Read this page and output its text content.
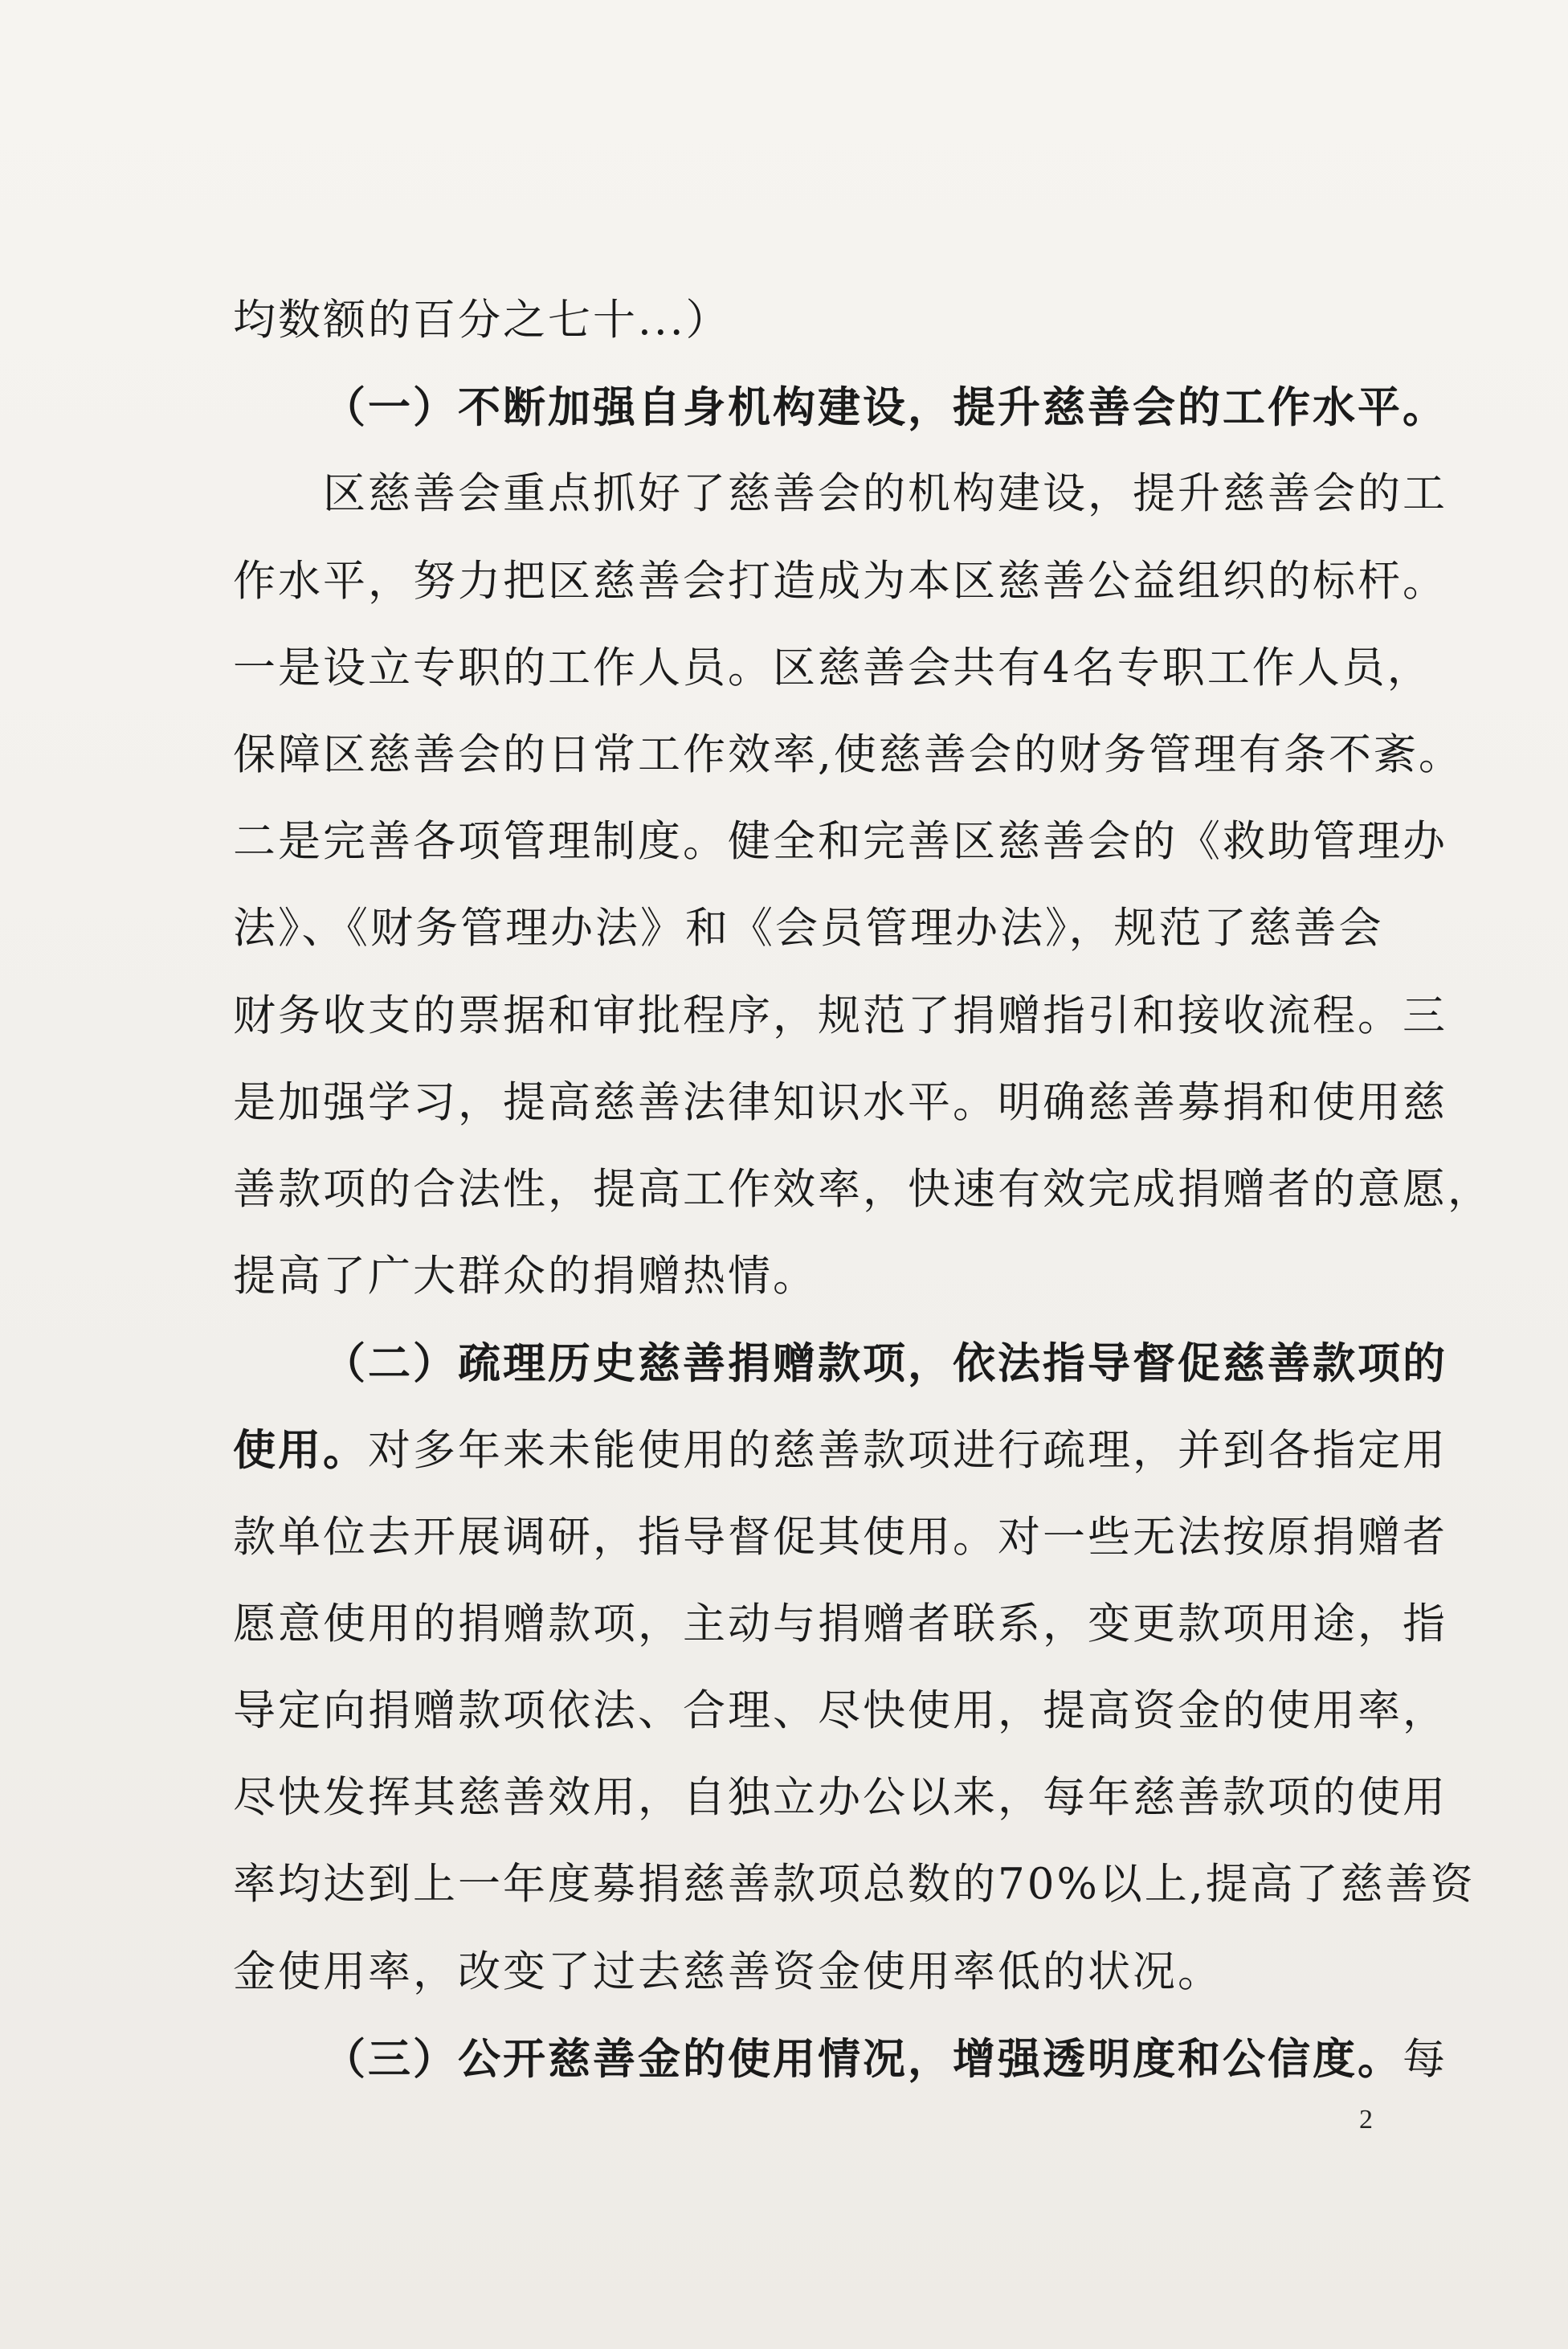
均数额的百分之七十...）
（一）不断加强自身机构建设，提升慈善会的工作水平。
区慈善会重点抓好了慈善会的机构建设，提升慈善会的工
作水平，努力把区慈善会打造成为本区慈善公益组织的标杆。
一是设立专职的工作人员。区慈善会共有4名专职工作人员，
保障区慈善会的日常工作效率,使慈善会的财务管理有条不紊。
二是完善各项管理制度。健全和完善区慈善会的《救助管理办
法》、《财务管理办法》和《会员管理办法》，规范了慈善会
财务收支的票据和审批程序，规范了捐赠指引和接收流程。三
是加强学习，提高慈善法律知识水平。明确慈善募捐和使用慈
善款项的合法性，提高工作效率，快速有效完成捐赠者的意愿，
提高了广大群众的捐赠热情。
（二）疏理历史慈善捐赠款项，依法指导督促慈善款项的
使用。对多年来未能使用的慈善款项进行疏理，并到各指定用
款单位去开展调研，指导督促其使用。对一些无法按原捐赠者
愿意使用的捐赠款项，主动与捐赠者联系，变更款项用途，指
导定向捐赠款项依法、合理、尽快使用，提高资金的使用率，
尽快发挥其慈善效用，自独立办公以来，每年慈善款项的使用
率均达到上一年度募捐慈善款项总数的70%以上,提高了慈善资
金使用率，改变了过去慈善资金使用率低的状况。
（三）公开慈善金的使用情况，增强透明度和公信度。每
2
